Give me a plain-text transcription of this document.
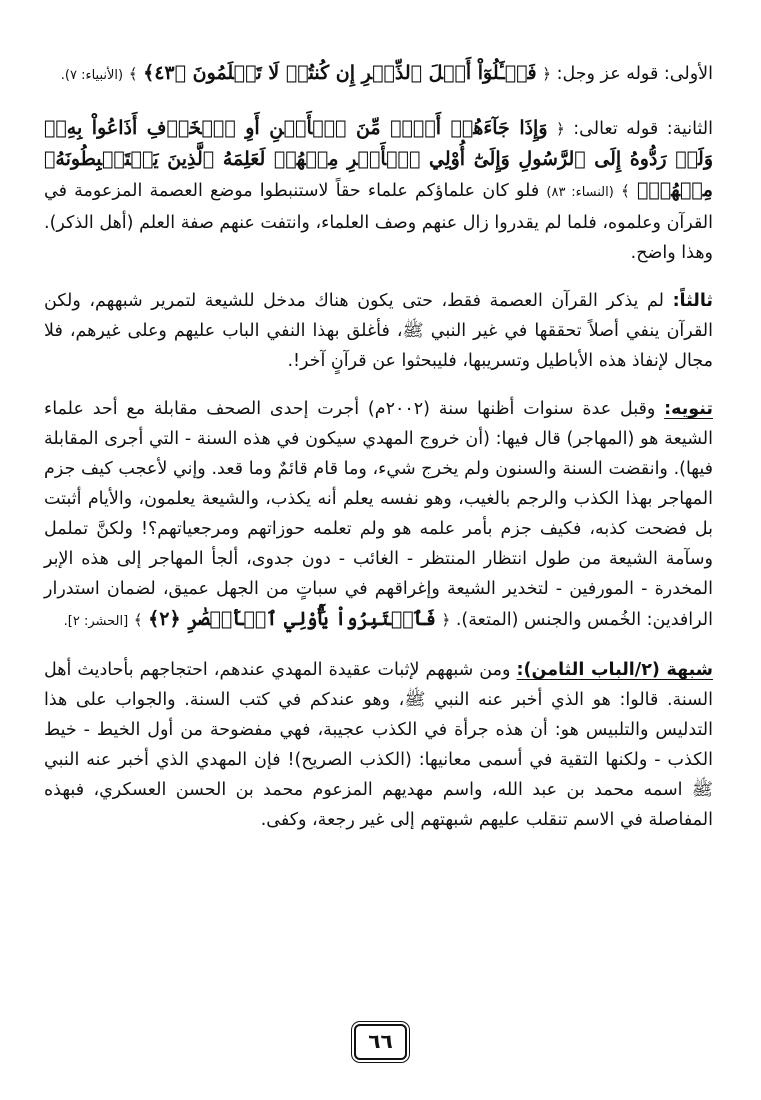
الأولى: قوله عز وجل: ﴿ فَسۡـَٔلُوٓاْ أَهۡلَ ٱلذِّكۡرِ إِن كُنتُمۡ لَا تَعۡلَمُونَ ﴿٤٣﴾ ﴾ (الأنبياء: ٧).

الثانية: قوله تعالى: ﴿ وَإِذَا جَآءَهُمۡ أَمۡرٞ مِّنَ ٱلۡأَمۡنِ أَوِ ٱلۡخَوۡفِ أَذَاعُواْ بِهِۦۖ وَلَوۡ رَدُّوهُ إِلَى ٱلرَّسُولِ وَإِلَىٰٓ أُوْلِي ٱلۡأَمۡرِ مِنۡهُمۡ لَعَلِمَهُ ٱلَّذِينَ يَسۡتَنۢبِطُونَهُۥ مِنۡهُمۡۗ ﴾ (النساء: ٨٣) فلو كان علماؤكم علماء حقاً لاستنبطوا موضع العصمة المزعومة في القرآن وعلموه، فلما لم يقدروا زال عنهم وصف العلماء، وانتفت عنهم صفة العلم (أهل الذكر). وهذا واضح.

ثالثاً: لم يذكر القرآن العصمة فقط، حتى يكون هناك مدخل للشيعة لتمرير شبههم، ولكن القرآن ينفي أصلاً تحققها في غير النبي ﷺ، فأغلق بهذا النفي الباب عليهم وعلى غيرهم، فلا مجال لإنفاذ هذه الأباطيل وتسريبها، فليبحثوا عن قرآنٍ آخر!.

تنويه: وقبل عدة سنوات أظنها سنة (٢٠٠٢م) أجرت إحدى الصحف مقابلة مع أحد علماء الشيعة هو (المهاجر) قال فيها: (أن خروج المهدي سيكون في هذه السنة - التي أجرى المقابلة فيها). وانقضت السنة والسنون ولم يخرج شيء، وما قام قائمٌ وما قعد. وإني لأعجب كيف جزم المهاجر بهذا الكذب والرجم بالغيب، وهو نفسه يعلم أنه يكذب، والشيعة يعلمون، والأيام أثبتت بل فضحت كذبه، فكيف جزم بأمر علمه هو ولم تعلمه حوزاتهم ومرجعياتهم؟! ولكنَّ تململ وسآمة الشيعة من طول انتظار المنتظر - الغائب - دون جدوى، ألجأ المهاجر إلى هذه الإبر المخدرة - المورفين - لتخدير الشيعة وإغراقهم في سباتٍ من الجهل عميق، لضمان استدرار الرافدين: الخُمس والجنس (المتعة). ﴿ فَٱعۡتَبِرُواْ يَٰٓأُوْلِي ٱلۡأَبۡصَٰرِ ﴿٢﴾ ﴾ [الحشر: ٢].

شبهة (٢/الباب الثامن): ومن شبههم لإثبات عقيدة المهدي عندهم، احتجاجهم بأحاديث أهل السنة. قالوا: هو الذي أخبر عنه النبي ﷺ، وهو عندكم في كتب السنة. والجواب على هذا التدليس والتلبيس هو: أن هذه جرأة في الكذب عجيبة، فهي مفضوحة من أول الخيط - خيط الكذب - ولكنها التقية في أسمى معانيها: (الكذب الصريح)! فإن المهدي الذي أخبر عنه النبي ﷺ اسمه محمد بن عبد الله، واسم مهديهم المزعوم محمد بن الحسن العسكري، فبهذه المفاصلة في الاسم تنقلب عليهم شبهتهم إلى غير رجعة، وكفى.

٦٦
